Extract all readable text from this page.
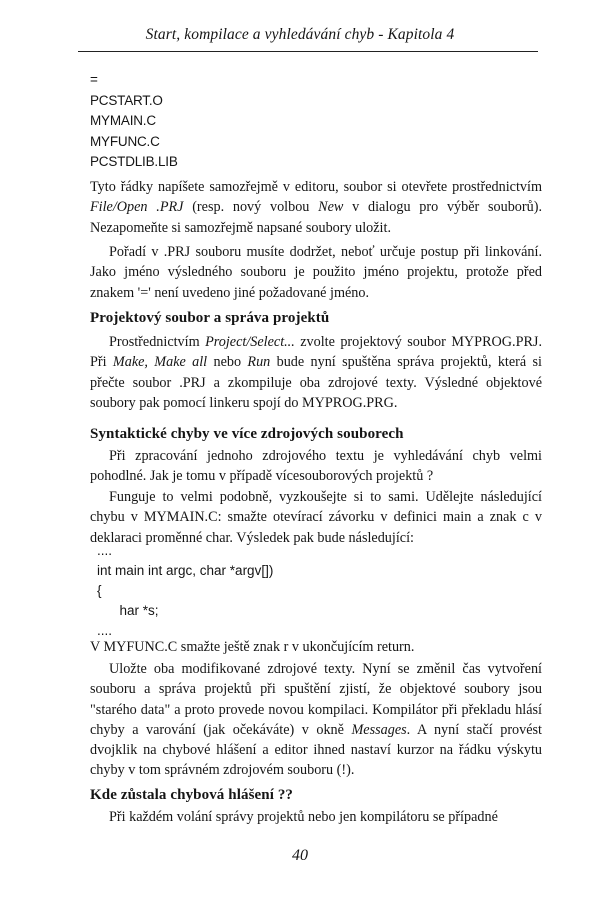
Start, kompilace a vyhledávání chyb - Kapitola 4
=
PCSTART.O
MYMAIN.C
MYFUNC.C
PCSTDLIB.LIB
Tyto řádky napíšete samozřejmě v editoru, soubor si otevřete prostřednictvím File/Open .PRJ (resp. nový volbou New v dialogu pro výběr souborů). Nezapomeňte si samozřejmě napsané soubory uložit.
Pořadí v .PRJ souboru musíte dodržet, neboť určuje postup při linkování. Jako jméno výsledného souboru je použito jméno projektu, protože před znakem '=' není uvedeno jiné požadované jméno.
Projektový soubor a správa projektů
Prostřednictvím Project/Select... zvolte projektový soubor MYPROG.PRJ. Při Make, Make all nebo Run bude nyní spuštěna správa projektů, která si přečte soubor .PRJ a zkompiluje oba zdrojové texty. Výsledné objektové soubory pak pomocí linkeru spojí do MYPROG.PRG.
Syntaktické chyby ve více zdrojových souborech
Při zpracování jednoho zdrojového textu je vyhledávání chyb velmi pohodlné. Jak je tomu v případě vícesouborových projektů ?
Funguje to velmi podobně, vyzkoušejte si to sami. Udělejte následující chybu v MYMAIN.C: smažte otevírací závorku v definici main a znak c v deklaraci proměnné char. Výsledek pak bude následující:
....
int main int argc, char *argv[])
{
har *s;
....
V MYFUNC.C smažte ještě znak r v ukončujícím return.
Uložte oba modifikované zdrojové texty. Nyní se změnil čas vytvoření souboru a správa projektů při spuštění zjistí, že objektové soubory jsou "starého data" a proto provede novou kompilaci. Kompilátor při překladu hlásí chyby a varování (jak očekáváte) v okně Messages. A nyní stačí provést dvojklik na chybové hlášení a editor ihned nastaví kurzor na řádku výskytu chyby v tom správném zdrojovém souboru (!).
Kde zůstala chybová hlášení ??
Při každém volání správy projektů nebo jen kompilátoru se případné
40
